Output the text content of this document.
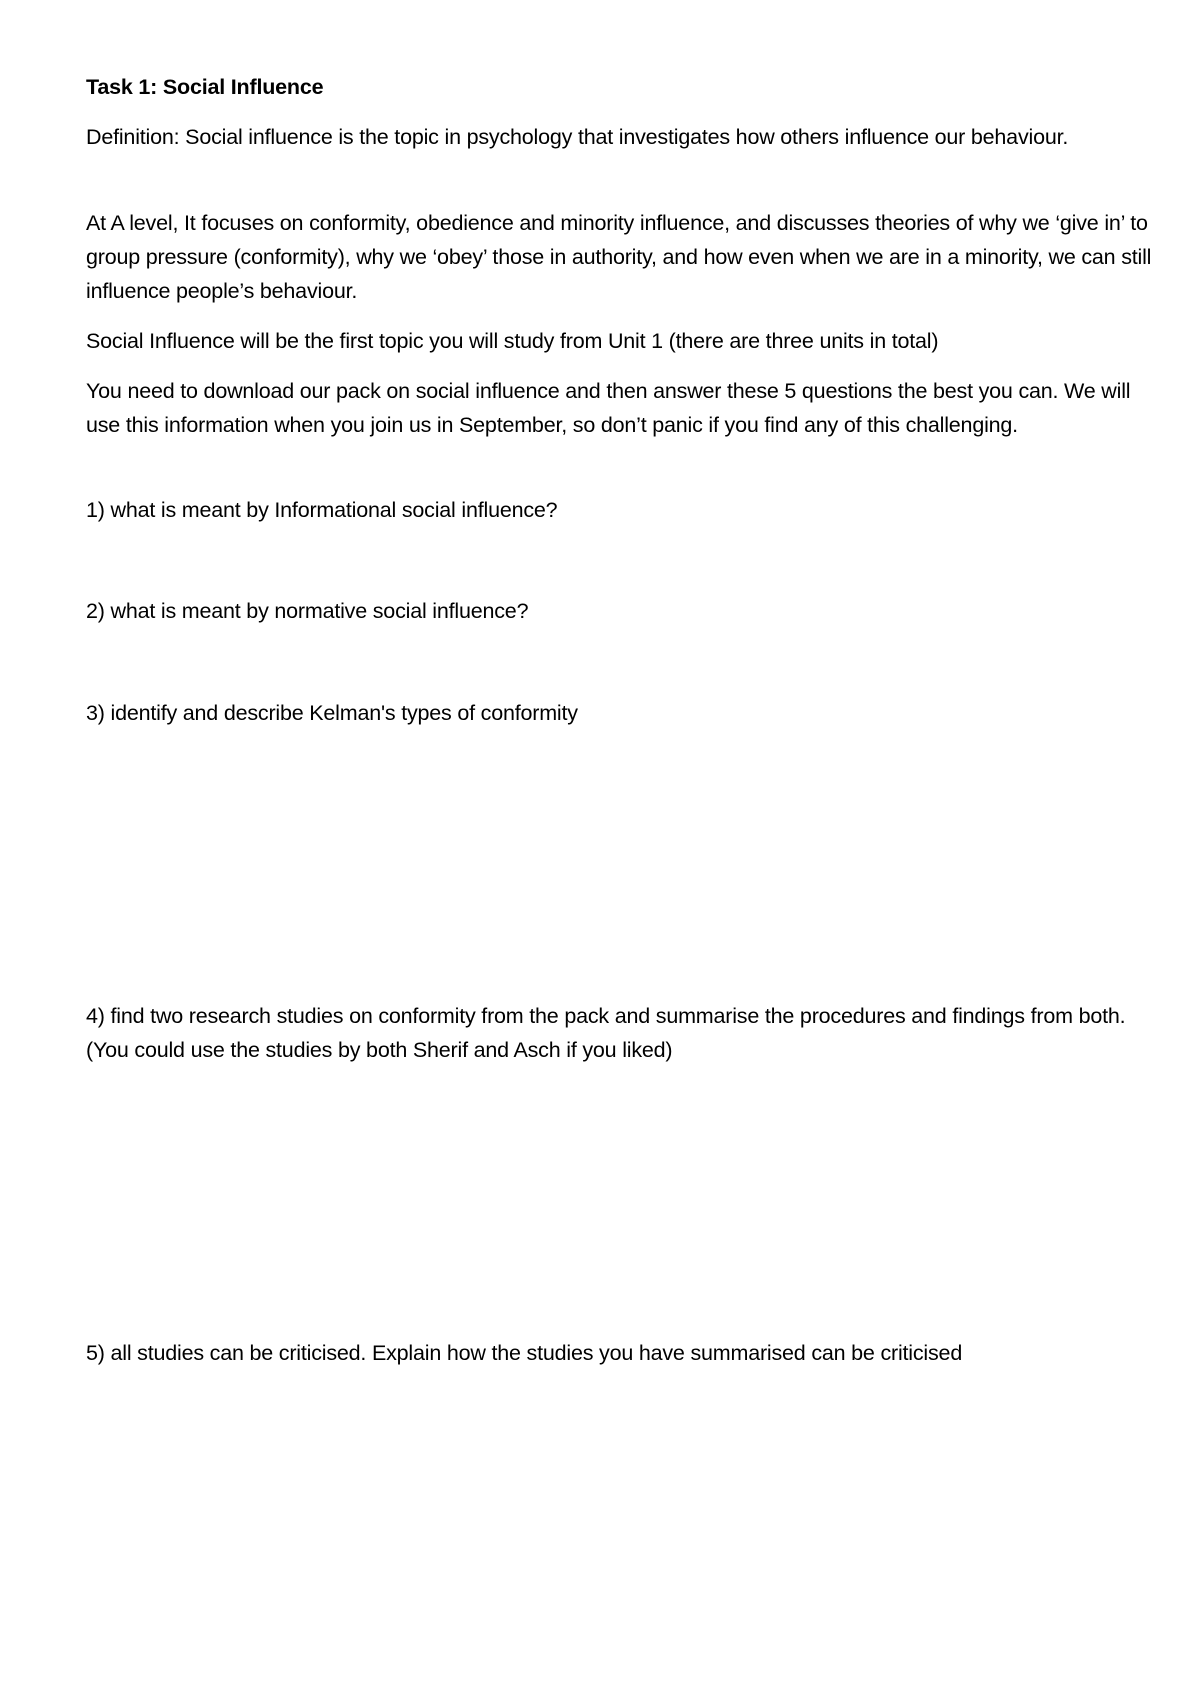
Task 1: Social Influence

Definition: Social influence is the topic in psychology that investigates how others influence our behaviour.

At A level, It focuses on conformity, obedience and minority influence, and discusses theories of why we ‘give in’ to group pressure (conformity), why we ‘obey’ those in authority, and how even when we are in a minority, we can still influence people’s behaviour.

Social Influence will be the first topic you will study from Unit 1 (there are three units in total)

You need to download our pack on social influence and then answer these 5 questions the best you can. We will use this information when you join us in September, so don’t panic if you find any of this challenging.

1) what is meant by Informational social influence?

2) what is meant by normative social influence?

3) identify and describe Kelman's types of conformity

4) find two research studies on conformity from the pack and summarise the procedures and findings from both. (You could use the studies by both Sherif and Asch if you liked)

5) all studies can be criticised. Explain how the studies you have summarised can be criticised
